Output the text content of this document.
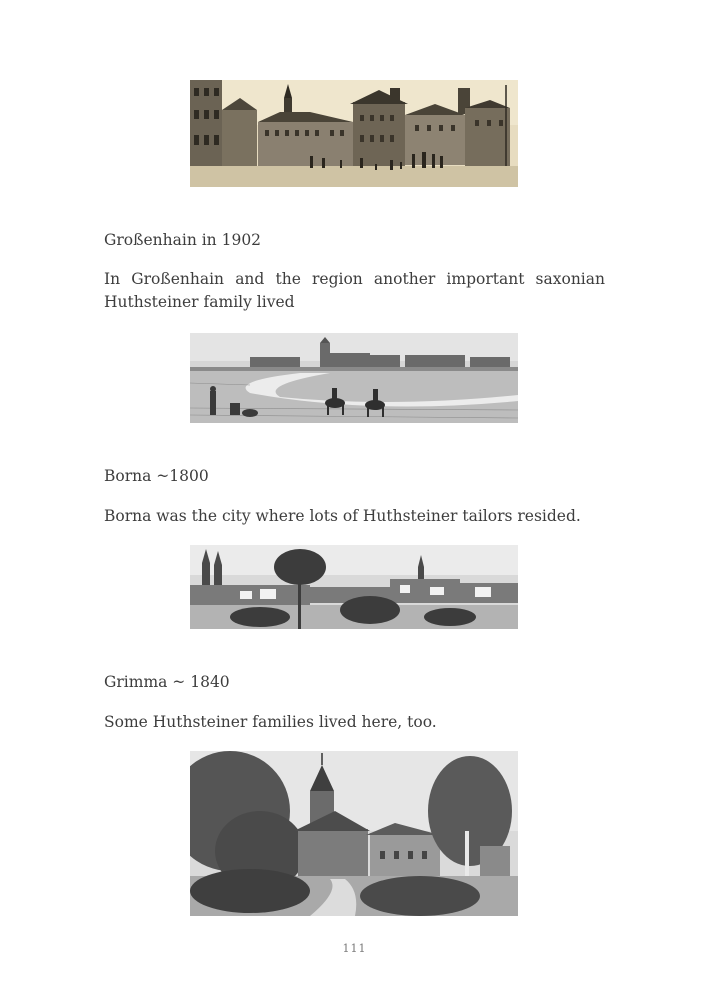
Großenhain in 1902

In Großenhain and the region another important saxonian Huthsteiner family lived

Borna ~1800

Borna was the city where lots of Huthsteiner tailors resided.

Grimma ~ 1840

Some Huthsteiner families lived here, too.

111
